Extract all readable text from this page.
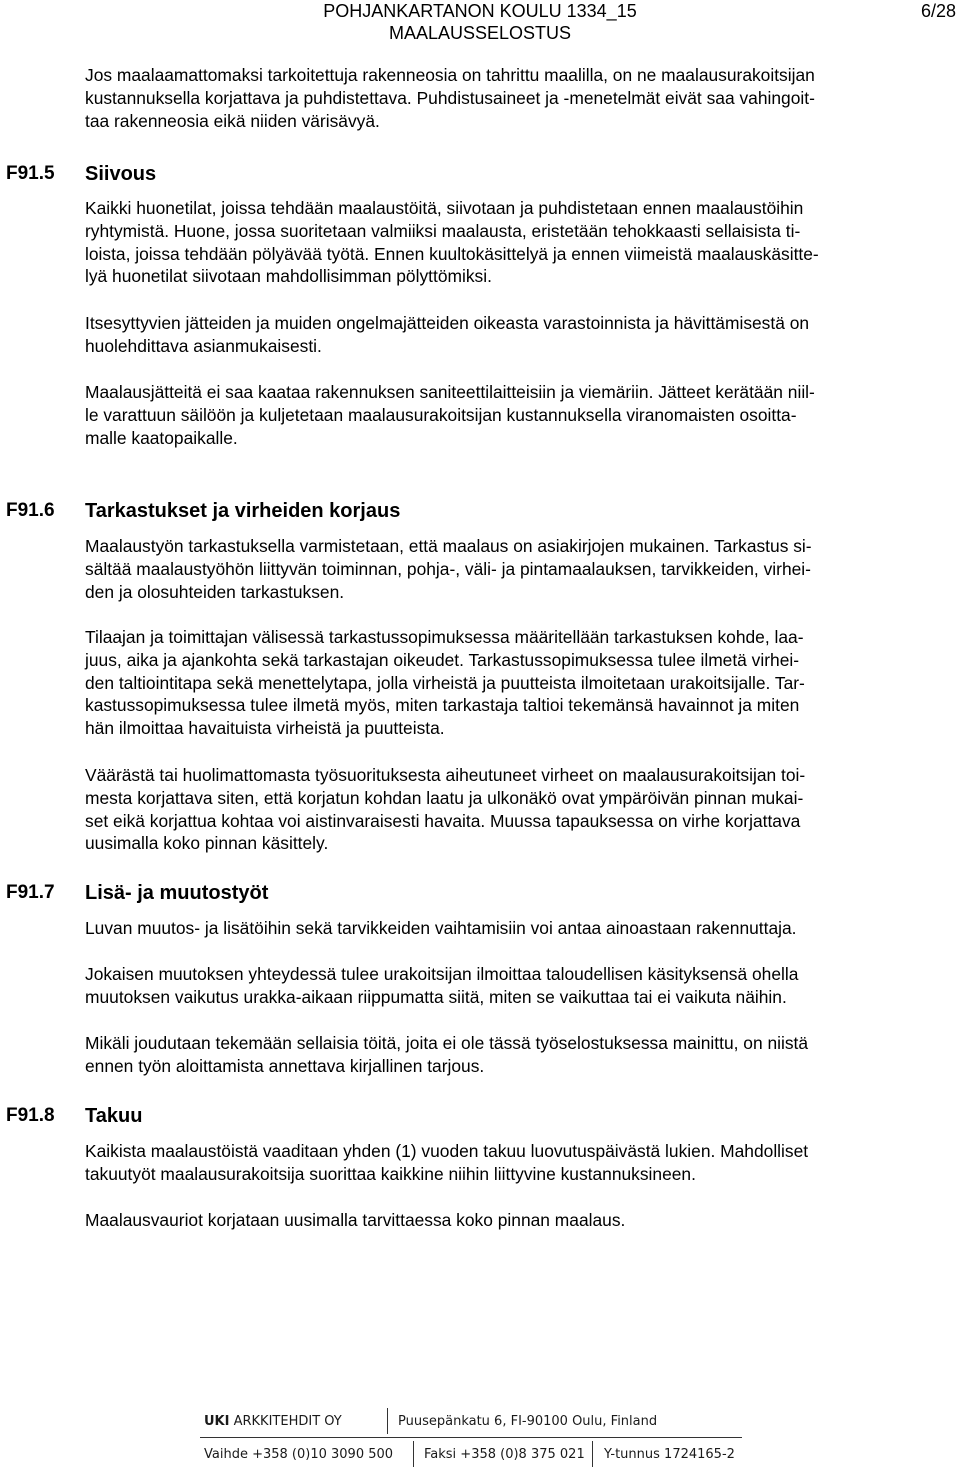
POHJANKARTANON KOULU 1334_15
MAALAUSSELOSTUS
6/28

Jos maalaamattomaksi tarkoitettuja rakenneosia on tahrittu maalilla, on ne maalausurakoitsijan
kustannuksella korjattava ja puhdistettava. Puhdistusaineet ja -menetelmät eivät saa vahingoit-
taa rakenneosia eikä niiden värisävyä.

F91.5 Siivous

Kaikki huonetilat, joissa tehdään maalaustöitä, siivotaan ja puhdistetaan ennen maalaustöihin
ryhtymistä. Huone, jossa suoritetaan valmiiksi maalausta, eristetään tehokkaasti sellaisista ti-
loista, joissa tehdään pölyävää työtä. Ennen kuultokäsittelyä ja ennen viimeistä maalauskäsitte-
lyä huonetilat siivotaan mahdollisimman pölyttömiksi.

Itsesyttyvien jätteiden ja muiden ongelmajätteiden oikeasta varastoinnista ja hävittämisestä on
huolehdittava asianmukaisesti.

Maalausjätteitä ei saa kaataa rakennuksen saniteettilaitteisiin ja viemäriin. Jätteet kerätään niil-
le varattuun säilöön ja kuljetetaan maalausurakoitsijan kustannuksella viranomaisten osoitta-
malle kaatopaikalle.

F91.6 Tarkastukset ja virheiden korjaus

Maalaustyön tarkastuksella varmistetaan, että maalaus on asiakirjojen mukainen. Tarkastus si-
sältää maalaustyöhön liittyvän toiminnan, pohja-, väli- ja pintamaalauksen, tarvikkeiden, virhei-
den ja olosuhteiden tarkastuksen.

Tilaajan ja toimittajan välisessä tarkastussopimuksessa määritellään tarkastuksen kohde, laa-
juus, aika ja ajankohta sekä tarkastajan oikeudet. Tarkastussopimuksessa tulee ilmetä virhei-
den taltiointitapa sekä menettelytapa, jolla virheistä ja puutteista ilmoitetaan urakoitsijalle. Tar-
kastussopimuksessa tulee ilmetä myös, miten tarkastaja taltioi tekemänsä havainnot ja miten
hän ilmoittaa havaituista virheistä ja puutteista.

Väärästä tai huolimattomasta työsuorituksesta aiheutuneet virheet on maalausurakoitsijan toi-
mesta korjattava siten, että korjatun kohdan laatu ja ulkonäkö ovat ympäröivän pinnan mukai-
set eikä korjattua kohtaa voi aistinvaraisesti havaita. Muussa tapauksessa on virhe korjattava
uusimalla koko pinnan käsittely.

F91.7 Lisä- ja muutostyöt

Luvan muutos- ja lisätöihin sekä tarvikkeiden vaihtamisiin voi antaa ainoastaan rakennuttaja.

Jokaisen muutoksen yhteydessä tulee urakoitsijan ilmoittaa taloudellisen käsityksensä ohella
muutoksen vaikutus urakka-aikaan riippumatta siitä, miten se vaikuttaa tai ei vaikuta näihin.

Mikäli joudutaan tekemään sellaisia töitä, joita ei ole tässä työselostuksessa mainittu, on niistä
ennen työn aloittamista annettava kirjallinen tarjous.

F91.8 Takuu

Kaikista maalaustöistä vaaditaan yhden (1) vuoden takuu luovutuspäivästä lukien. Mahdolliset
takuutyöt maalausurakoitsija suorittaa kaikkine niihin liittyvine kustannuksineen.

Maalausvauriot korjataan uusimalla tarvittaessa koko pinnan maalaus.

UKI ARKKITEHDIT OY	Puusepänkatu 6, FI-90100 Oulu, Finland
Vaihde +358 (0)10 3090 500 Faksi +358 (0)8 375 021 Y-tunnus 1724165-2
